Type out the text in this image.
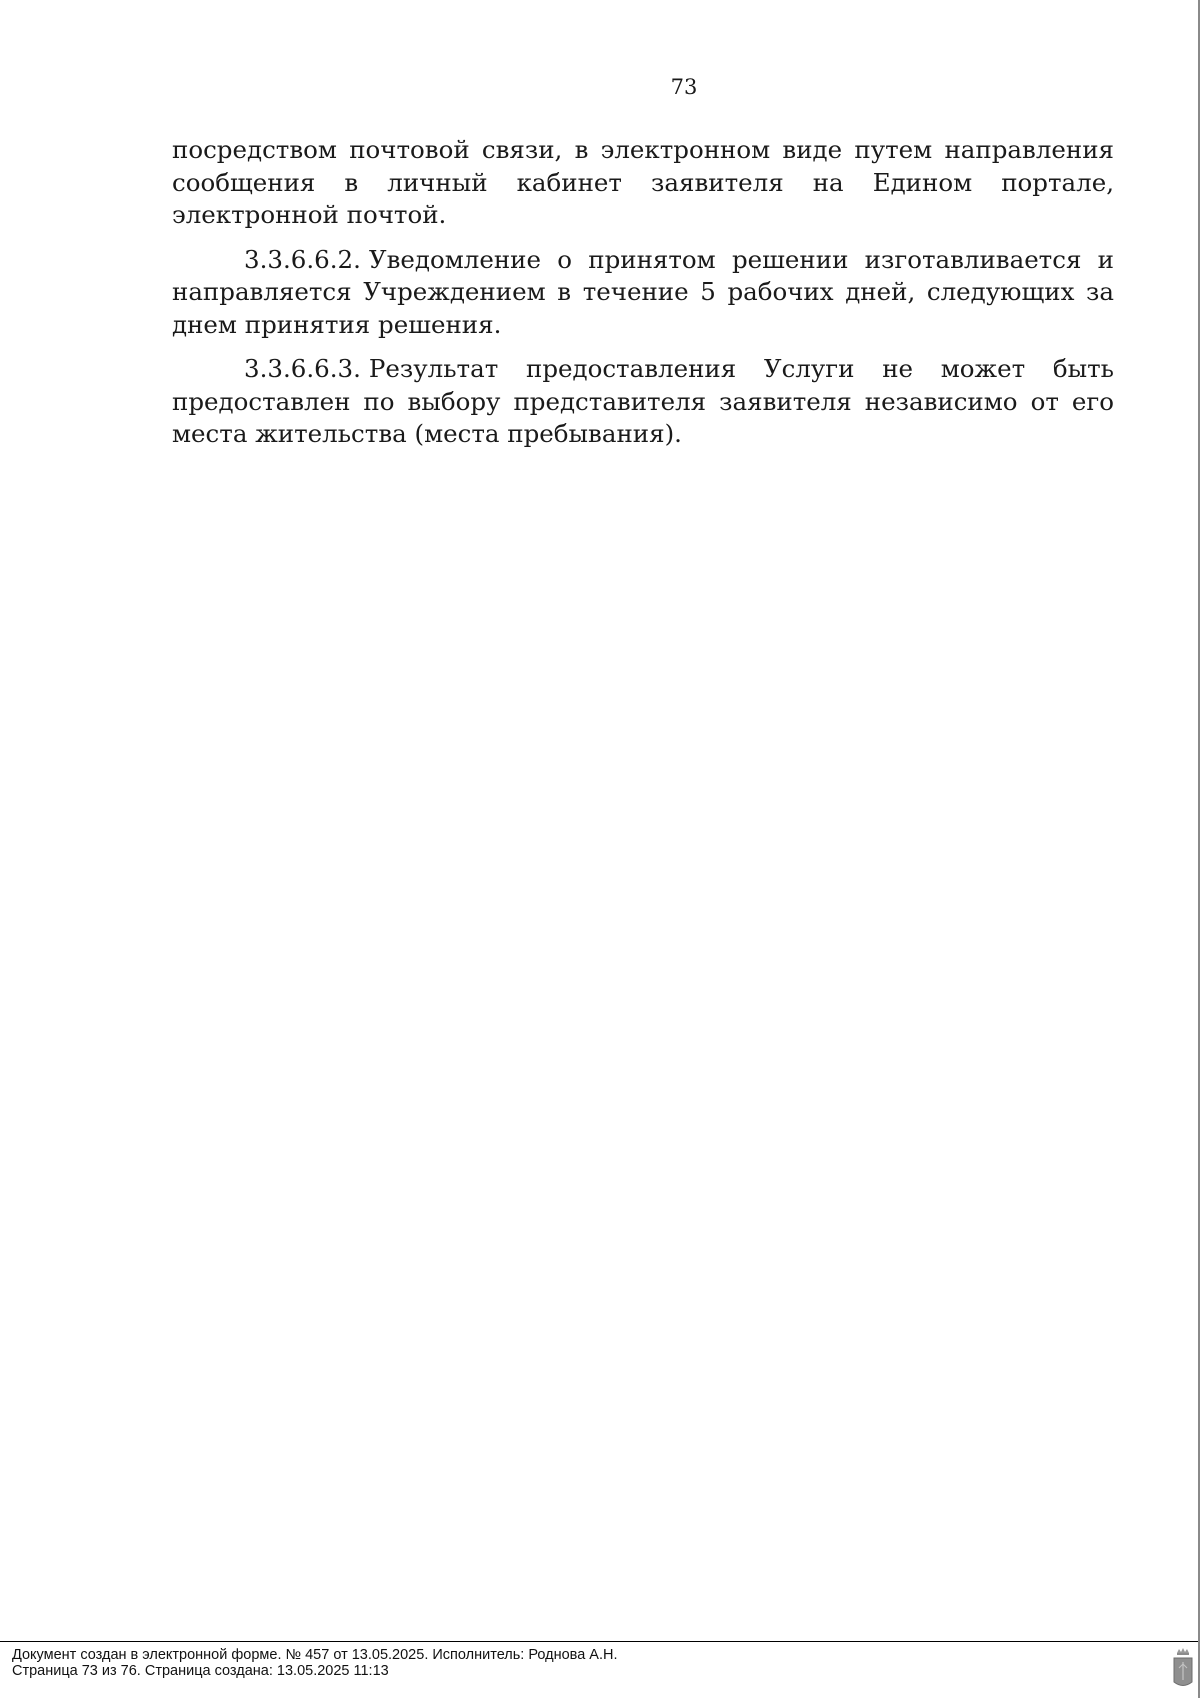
73

посредством почтовой связи, в электронном виде путем направления сообщения в личный кабинет заявителя на Едином портале, электронной почтой.

3.3.6.6.2. Уведомление о принятом решении изготавливается и направляется Учреждением в течение 5 рабочих дней, следующих за днем принятия решения.

3.3.6.6.3. Результат предоставления Услуги не может быть предоставлен по выбору представителя заявителя независимо от его места жительства (места пребывания).

Документ создан в электронной форме. № 457 от 13.05.2025. Исполнитель: Роднова А.Н.
Страница 73 из 76. Страница создана: 13.05.2025 11:13
